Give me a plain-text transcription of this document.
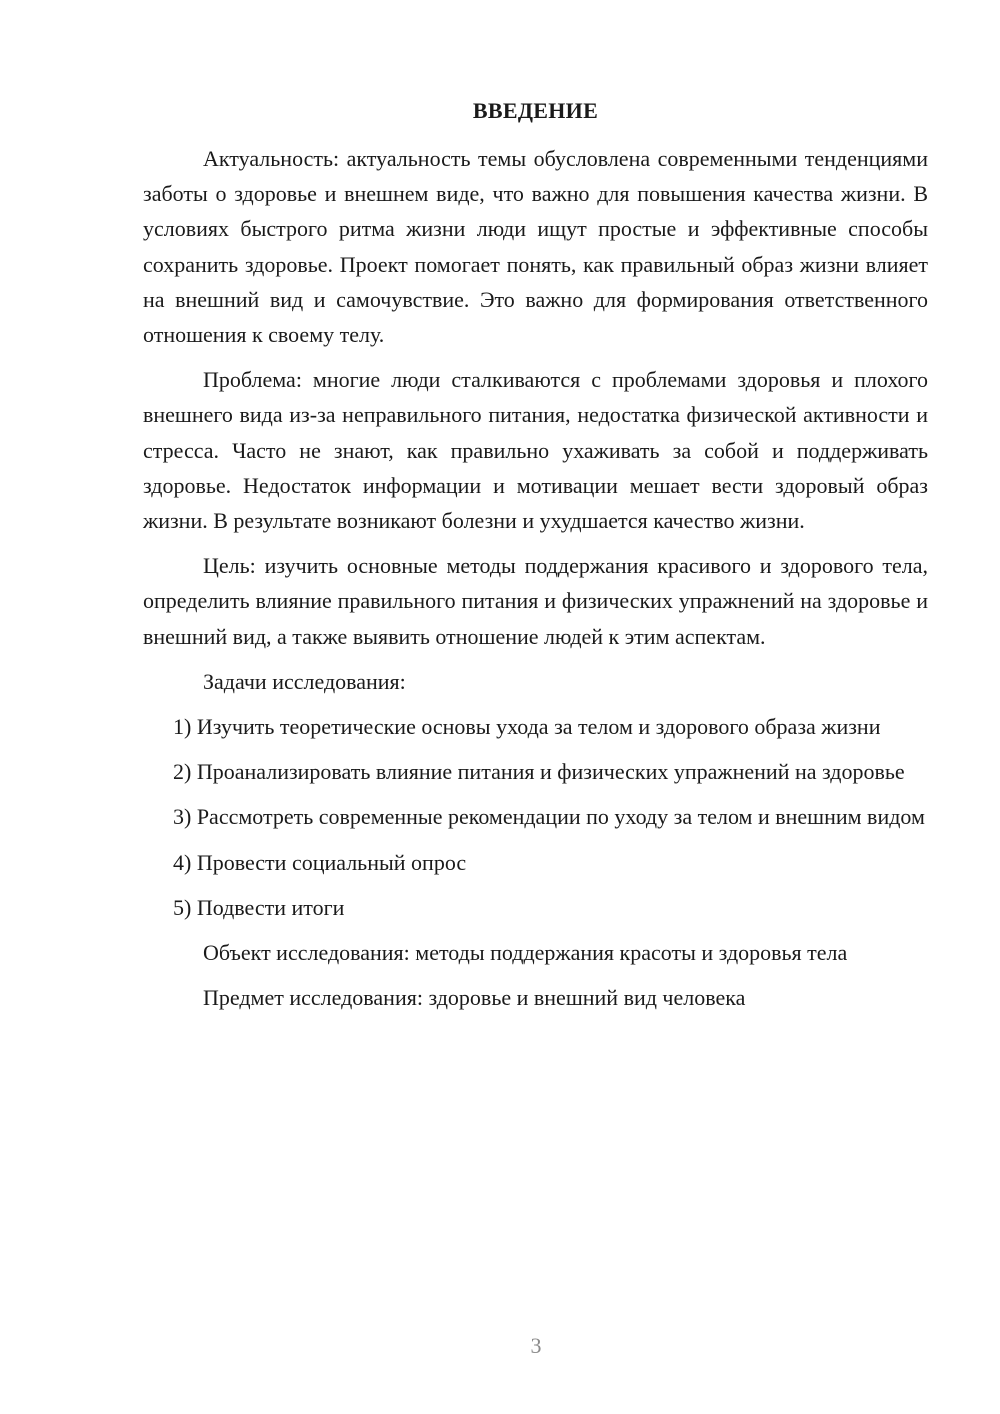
ВВЕДЕНИЕ

Актуальность: актуальность темы обусловлена современными тенденциями заботы о здоровье и внешнем виде, что важно для повышения качества жизни. В условиях быстрого ритма жизни люди ищут простые и эффективные способы сохранить здоровье. Проект помогает понять, как правильный образ жизни влияет на внешний вид и самочувствие. Это важно для формирования ответственного отношения к своему телу.

Проблема: многие люди сталкиваются с проблемами здоровья и плохого внешнего вида из-за неправильного питания, недостатка физической активности и стресса. Часто не знают, как правильно ухаживать за собой и поддерживать здоровье. Недостаток информации и мотивации мешает вести здоровый образ жизни. В результате возникают болезни и ухудшается качество жизни.

Цель: изучить основные методы поддержания красивого и здорового тела, определить влияние правильного питания и физических упражнений на здоровье и внешний вид, а также выявить отношение людей к этим аспектам.

Задачи исследования:

1) Изучить теоретические основы ухода за телом и здорового образа жизни

2) Проанализировать влияние питания и физических упражнений на здоровье

3) Рассмотреть современные рекомендации по уходу за телом и внешним видом

4) Провести социальный опрос

5) Подвести итоги

Объект исследования: методы поддержания красоты и здоровья тела

Предмет исследования: здоровье и внешний вид человека

3
